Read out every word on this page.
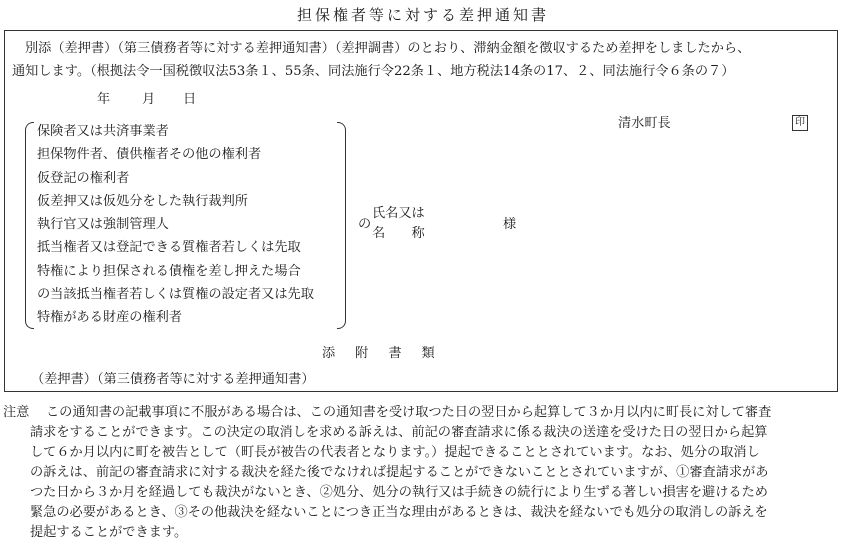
担保権者等に対する差押通知書
別添（差押書）（第三債務者等に対する差押通知書）（差押調書）のとおり、滞納金額を徴収するため差押をしましたから、
通知します。（根拠法令一国税徴収法53条１、55条、同法施行令22条１、地方税法14条の17、２、同法施行令６条の７）
年 月 日
清水町長	印
保険者又は共済事業者
担保物件者、債供権者その他の権利者
仮登記の権利者
仮差押又は仮処分をした執行裁判所
執行官又は強制管理人
抵当権者又は登記できる質権者若しくは先取
特権により担保される債権を差し押えた場合
の当該抵当権者若しくは質権の設定者又は先取
特権がある財産の権利者
の
氏名又は
名　　称
様
添附書類
（差押書）（第三債務者等に対する差押通知書）
注意 この通知書の記載事項に不服がある場合は、この通知書を受け取つた日の翌日から起算して３か月以内に町長に対して審査
請求をすることができます。この決定の取消しを求める訴えは、前記の審査請求に係る裁決の送達を受けた日の翌日から起算
して６か月以内に町を被告として（町長が被告の代表者となります。）提起できることとされています。なお、処分の取消し
の訴えは、前記の審査請求に対する裁決を経た後でなければ提起することができないこととされていますが、①審査請求があ
つた日から３か月を経過しても裁決がないとき、②処分、処分の執行又は手続きの続行により生ずる著しい損害を避けるため
緊急の必要があるとき、③その他裁決を経ないことにつき正当な理由があるときは、裁決を経ないでも処分の取消しの訴えを
提起することができます。
